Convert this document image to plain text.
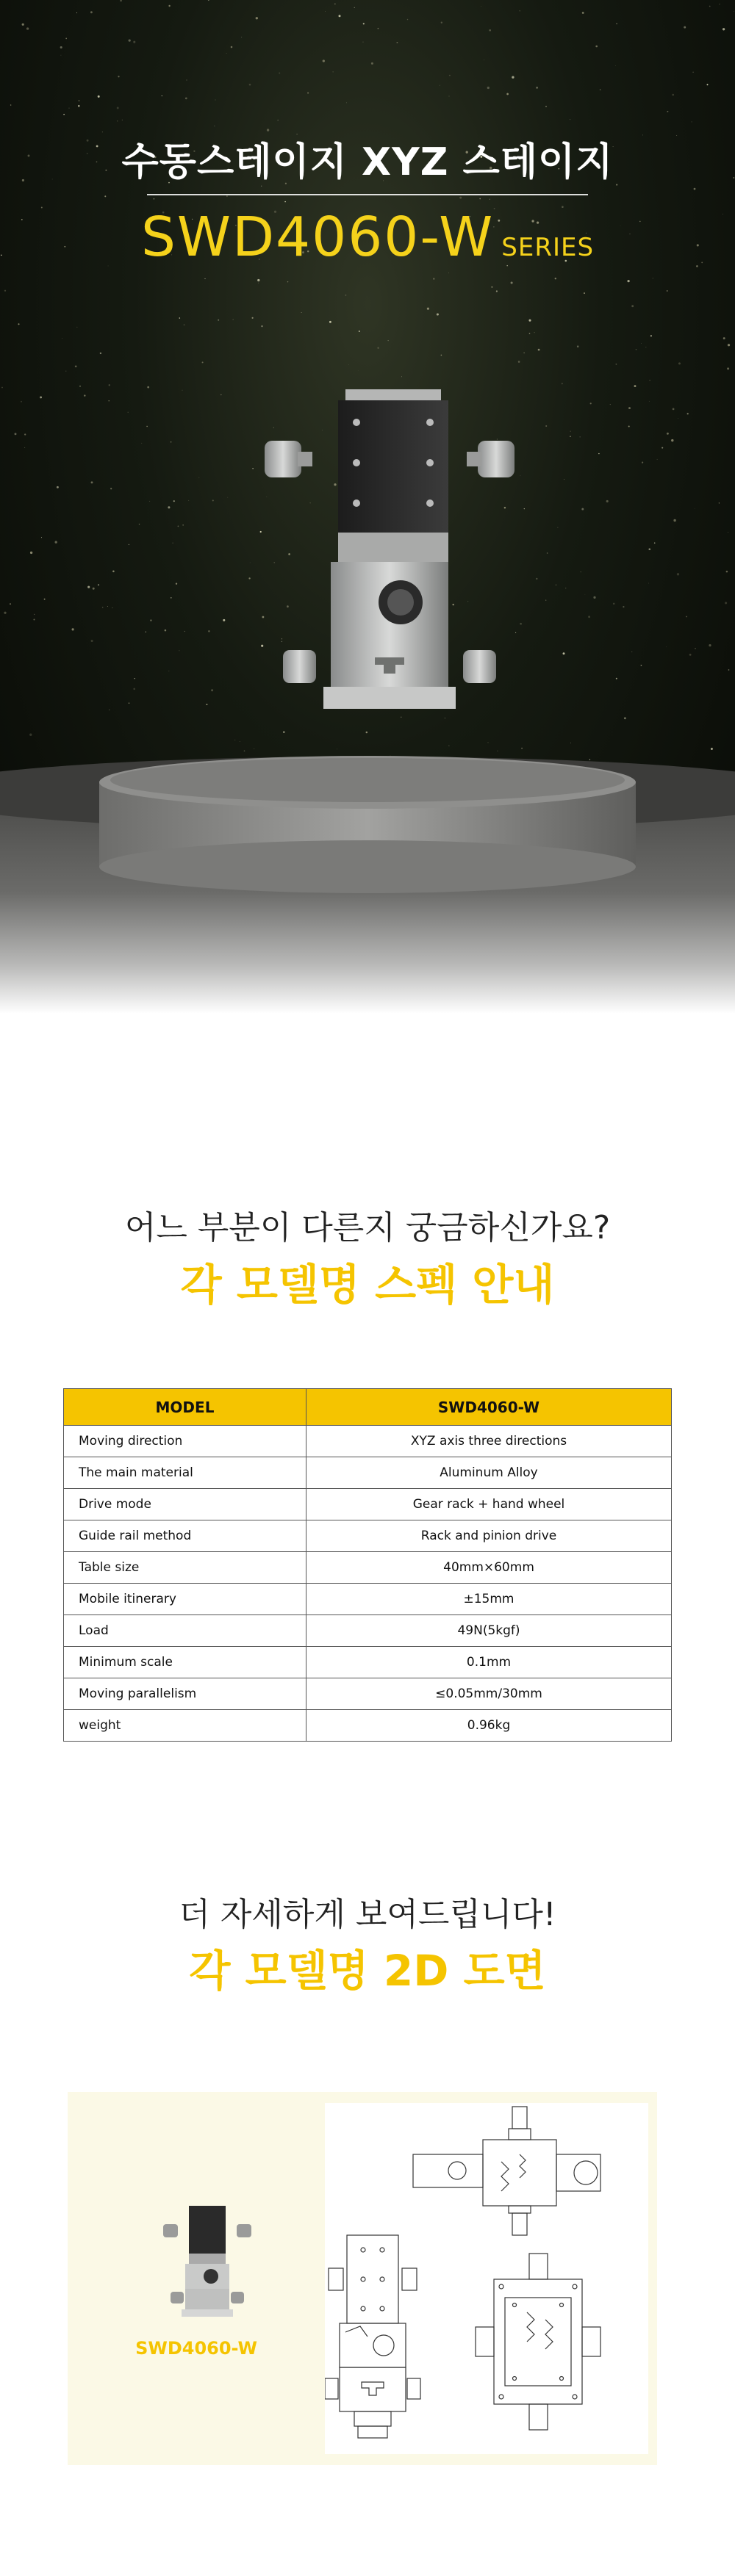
수동스테이지 XYZ 스테이지
SWD4060-W SERIES
어느 부분이 다른지 궁금하신가요?
각 모델명 스펙 안내
MODEL	SWD4060-W
Moving direction	XYZ axis three directions
The main material	Aluminum Alloy
Drive mode	Gear rack + hand wheel
Guide rail method	Rack and pinion drive
Table size	40mm×60mm
Mobile itinerary	±15mm
Load	49N(5kgf)
Minimum scale	0.1mm
Moving parallelism	≤0.05mm/30mm
weight	0.96kg
더 자세하게 보여드립니다!
각 모델명 2D 도면
SWD4060-W
